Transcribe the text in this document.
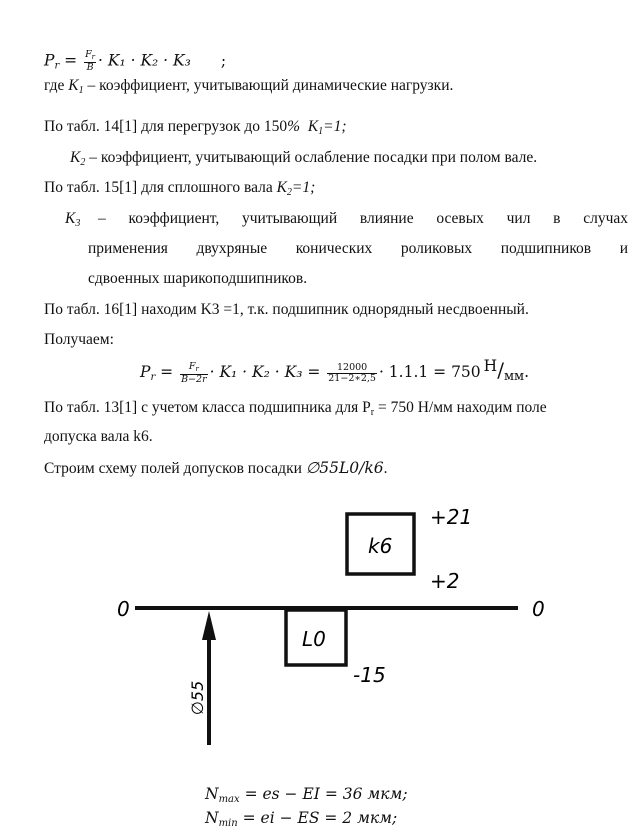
$P_r = \frac{F_r}{B} \cdot K_1 \cdot K_2 \cdot K_3$ ;
где $K_1$ – коэффициент, учитывающий динамические нагрузки.
По табл. 14[1] для перегрузок до 150% $K_1=1$;
$K_2$ – коэффициент, учитывающий ослабление посадки при полом вале.
По табл. 15[1] для сплошного вала $K_2=1$;
$K_3$ – коэффициент, учитывающий влияние осевых чил в случах
применения двухряные конических роликовых подшипников и
сдвоенных шарикоподшипников.
По табл. 16[1] находим K3 =1, т.к. подшипник однорядный несдвоенный.
Получаем:
$P_r = \frac{F_r}{B-2r} \cdot K_1 \cdot K_2 \cdot K_3 = \frac{12000}{21-2∗2,5} \cdot 1.1.1 = 750$ Н/мм.
По табл. 13[1] с учетом класса подшипника для Pr = 750 Н/мм находим поле
допуска вала k6.
Строим схему полей допусков посадки ∅55L0/k6.
0	0
k6
+21
+2
L0
-15
∅55
$N_{max}$ = es − EI = 36 мкм;
$N_{min}$ = ei − ES = 2 мкм;
